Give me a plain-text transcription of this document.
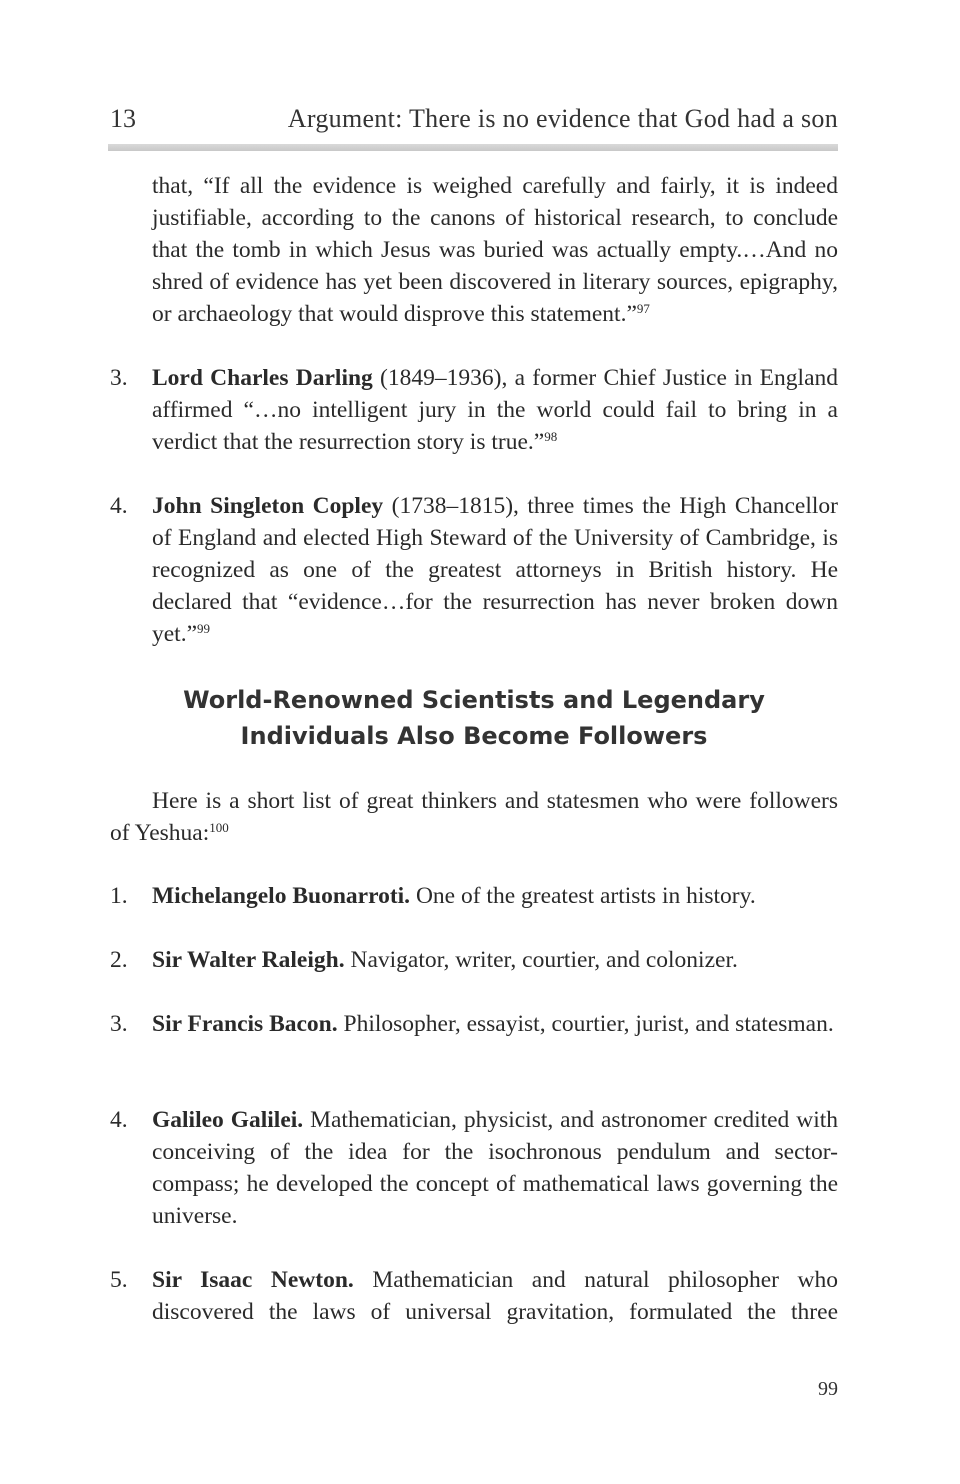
13	Argument: There is no evidence that God had a son
that, “If all the evidence is weighed carefully and fairly, it is indeed justifiable, according to the canons of historical research, to conclude that the tomb in which Jesus was buried was actually empty.…And no shred of evidence has yet been discovered in literary sources, epigraphy, or archaeology that would disprove this statement.”$^{97}$
3. Lord Charles Darling (1849–1936), a former Chief Justice in England affirmed “…no intelligent jury in the world could fail to bring in a verdict that the resurrection story is true.”$^{98}$
4. John Singleton Copley (1738–1815), three times the High Chancellor of England and elected High Steward of the University of Cambridge, is recognized as one of the greatest attorneys in British history. He declared that “evidence…for the resurrection has never broken down yet.”$^{99}$
World-Renowned Scientists and Legendary
Individuals Also Become Followers
Here is a short list of great thinkers and statesmen who were followers of Yeshua:$^{100}$
1. Michelangelo Buonarroti. One of the greatest artists in history.
2. Sir Walter Raleigh. Navigator, writer, courtier, and colonizer.
3. Sir Francis Bacon. Philosopher, essayist, courtier, jurist, and statesman.
4. Galileo Galilei. Mathematician, physicist, and astronomer credited with conceiving of the idea for the isochronous pendulum and sector-compass; he developed the concept of mathematical laws governing the universe.
5. Sir Isaac Newton. Mathematician and natural philosopher who discovered the laws of universal gravitation, formulated the three
99
